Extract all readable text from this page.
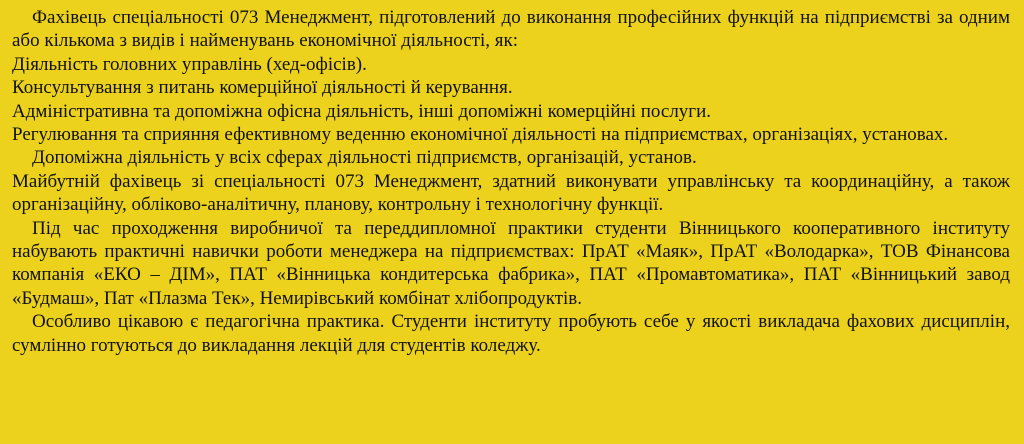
Фахівець спеціальності 073 Менеджмент, підготовлений до виконання професійних функцій на підприємстві за одним або кількома з видів і найменувань економічної діяльності, як:

Діяльність головних управлінь (хед-офісів).

Консультування з питань комерційної діяльності й керування.

Адміністративна та допоміжна офісна діяльність, інші допоміжні комерційні послуги.

Регулювання та сприяння ефективному веденню економічної діяльності на підприємствах, організаціях, установах.

Допоміжна діяльність у всіх сферах діяльності підприємств, організацій, установ.

Майбутній фахівець зі спеціальності 073 Менеджмент, здатний виконувати управлінську та координаційну, а також організаційну, обліково-аналітичну, планову, контрольну і технологічну функції.

Під час проходження виробничої та переддипломної практики студенти Вінницького кооперативного інституту набувають практичні навички роботи менеджера на підприємствах: ПрАТ «Маяк», ПрАТ «Володарка», ТОВ Фінансова компанія «ЕКО – ДІМ», ПАТ «Вінницька кондитерська фабрика», ПАТ «Промавтоматика», ПАТ «Вінницький завод «Будмаш», Пат «Плазма Тек», Немирівський комбінат хлібопродуктів.

Особливо цікавою є педагогічна практика. Студенти інституту пробують себе у якості викладача фахових дисциплін, сумлінно готуються до викладання лекцій для студентів коледжу.
